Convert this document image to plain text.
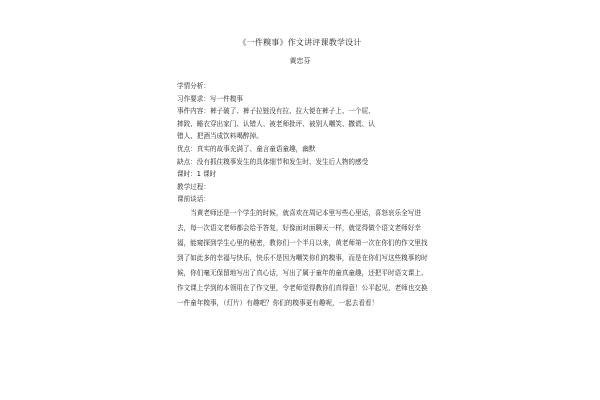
《一件糗事》作文讲评课教学设计
黄忠芬

学情分析：

习作要求：写一件糗事

事件内容：裤子破了、裤子拉链没有拉、拉大便在裤子上、一个屁、

摔跤、睡衣穿出家门、认错人、被老师批评、被别人嘲笑、撒谎、认

错人、把酒当成饮料喝醉掉。

优点：真实的故事充满了、童言童语童趣，幽默

缺点：没有抓住糗事发生的具体细节和发生时、发生后人物的感受

课时：1 课时

教学过程：

课前谈话：

当黄老师还是一个学生的时候，就喜欢在周记本里写些心里话，喜怒哀乐全写进去，每一次语文老师都会给予答复，好像面对面聊天一样，就觉得做个语文老师好幸福，能窥探到学生心里的秘密，教你们一个半月以来，黄老师第一次在你们的作文里找到了如此多的幸福与快乐，快乐不是因为嘲笑你们的糗事，而是在你们写这些糗事的时候，你们毫无保留地写出了真心话，写出了属于童年的童真童趣，还把平时语文课上、作文课上学到的本领用在了作文里，令老师觉得教你们真得意！公平起见，老师也交换一件童年糗事，（灯片）有趣吧？你们的糗事更有趣呢，一起去看看！
